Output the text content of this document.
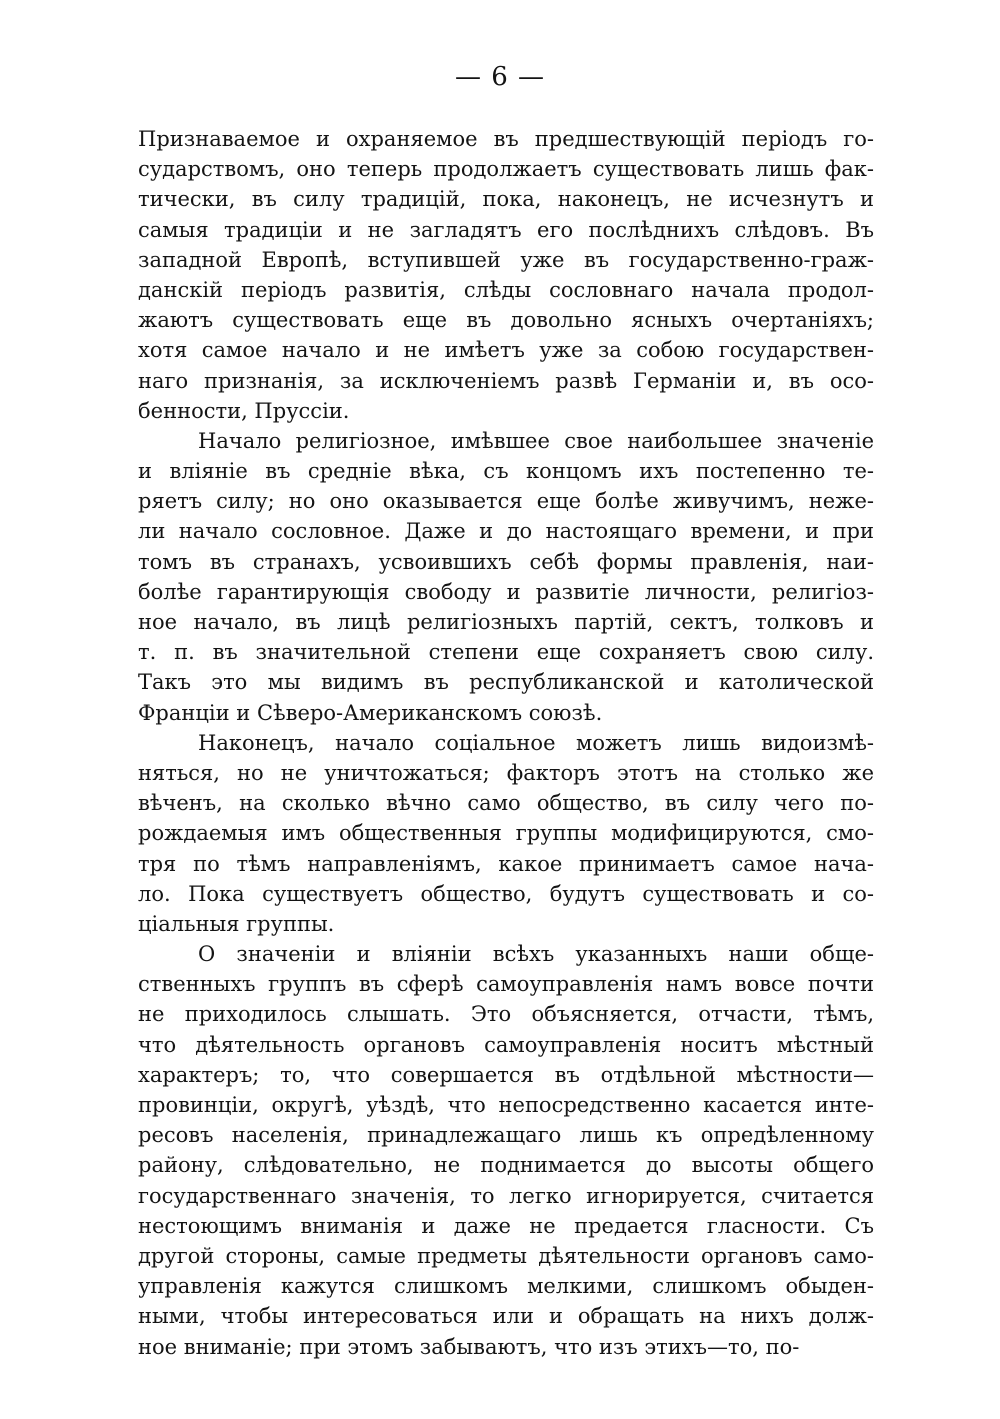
— 6 —
Признаваемое и охраняемое въ предшествующій періодъ го-
сударствомъ, оно теперь продолжаетъ существовать лишь фак-
тически, въ силу традицій, пока, наконецъ, не исчезнутъ и
самыя традиціи и не загладятъ его послѣднихъ слѣдовъ. Въ
западной Европѣ, вступившей уже въ государственно-граж-
данскій періодъ развитія, слѣды сословнаго начала продол-
жаютъ существовать еще въ довольно ясныхъ очертаніяхъ;
хотя самое начало и не имѣетъ уже за собою государствен-
наго признанія, за исключеніемъ развѣ Германіи и, въ осо-
бенности, Пруссіи.
Начало религіозное, имѣвшее свое наибольшее значеніе
и вліяніе въ средніе вѣка, съ концомъ ихъ постепенно те-
ряетъ силу; но оно оказывается еще болѣе живучимъ, неже-
ли начало сословное. Даже и до настоящаго времени, и при
томъ въ странахъ, усвоившихъ себѣ формы правленія, наи-
болѣе гарантирующія свободу и развитіе личности, религіоз-
ное начало, въ лицѣ религіозныхъ партій, сектъ, толковъ и
т. п. въ значительной степени еще сохраняетъ свою силу.
Такъ это мы видимъ въ республиканской и католической
Франціи и Сѣверо-Американскомъ союзѣ.
Наконецъ, начало соціальное можетъ лишь видоизмѣ-
няться, но не уничтожаться; факторъ этотъ на столько же
вѣченъ, на сколько вѣчно само общество, въ силу чего по-
рождаемыя имъ общественныя группы модифицируются, смо-
тря по тѣмъ направленіямъ, какое принимаетъ самое нача-
ло. Пока существуетъ общество, будутъ существовать и со-
ціальныя группы.
О значеніи и вліяніи всѣхъ указанныхъ наши обще-
ственныхъ группъ въ сферѣ самоуправленія намъ вовсе почти
не приходилось слышать. Это объясняется, отчасти, тѣмъ,
что дѣятельность органовъ самоуправленія носитъ мѣстный
характеръ; то, что совершается въ отдѣльной мѣстности—
провинціи, округѣ, уѣздѣ, что непосредственно касается инте-
ресовъ населенія, принадлежащаго лишь къ опредѣленному
району, слѣдовательно, не поднимается до высоты общего
государственнаго значенія, то легко игнорируется, считается
нестоющимъ вниманія и даже не предается гласности. Съ
другой стороны, самые предметы дѣятельности органовъ само-
управленія кажутся слишкомъ мелкими, слишкомъ обыден-
ными, чтобы интересоваться или и обращать на нихъ долж-
ное вниманіе; при этомъ забываютъ, что изъ этихъ—то, по-
